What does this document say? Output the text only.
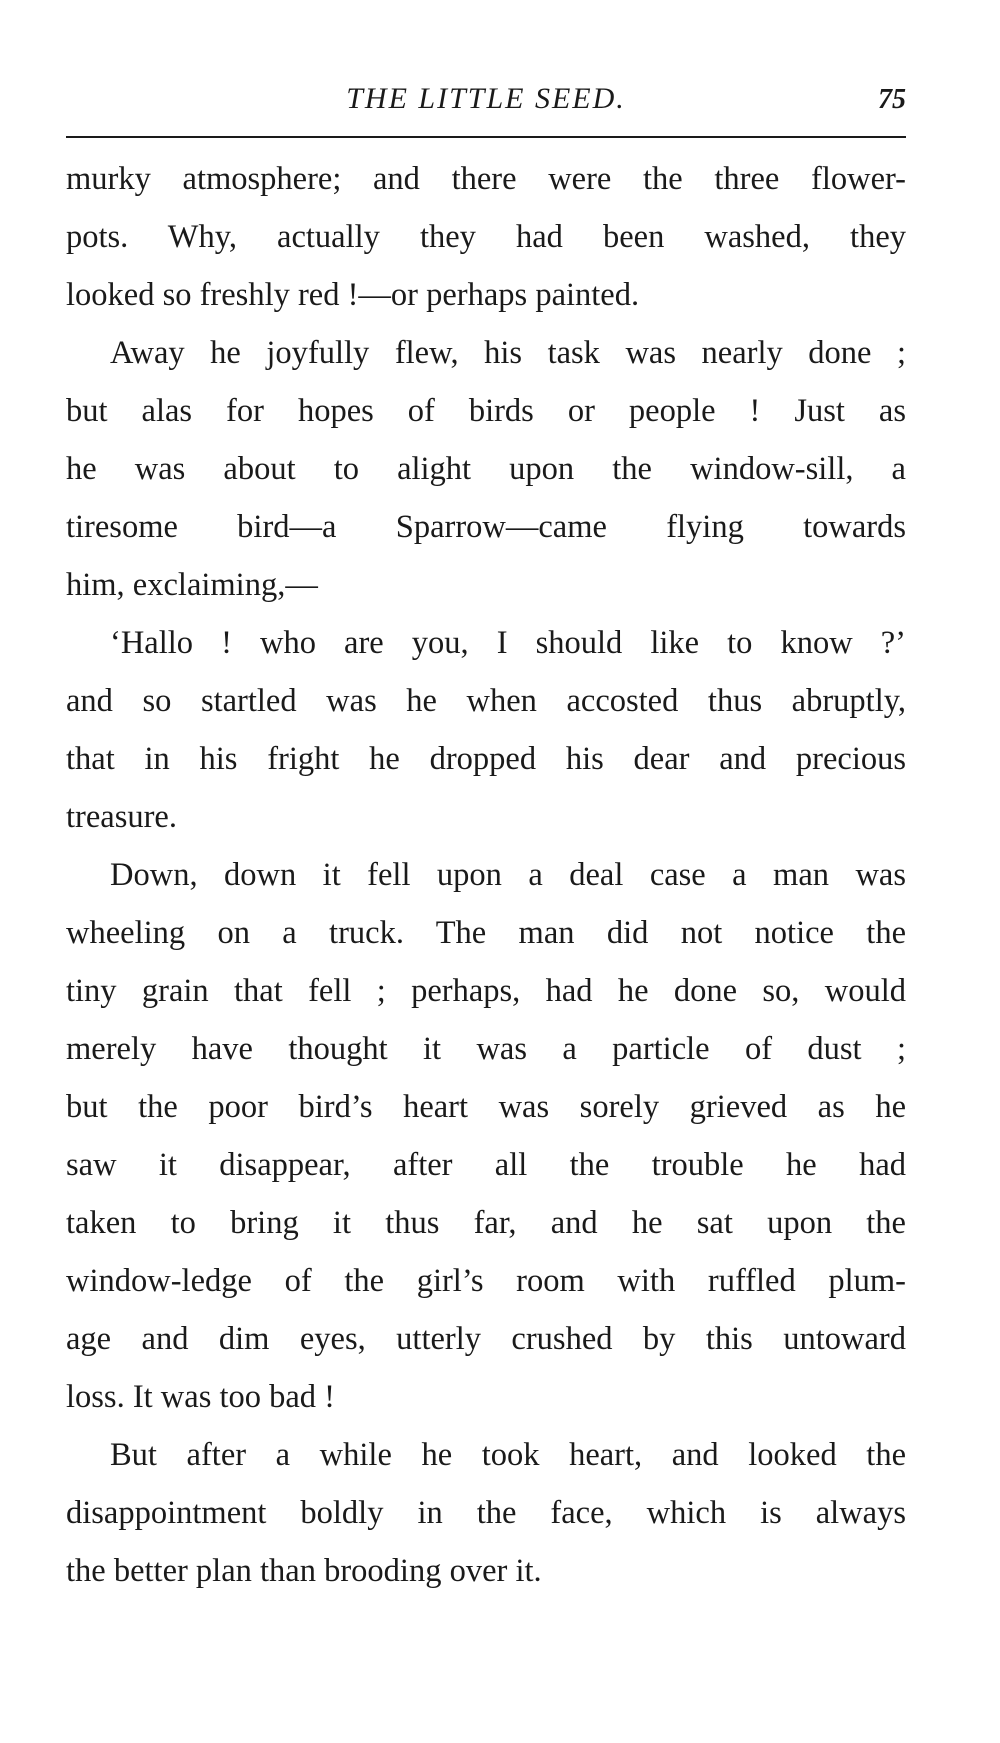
THE LITTLE SEED.	75

murky atmosphere; and there were the three flower-
pots. Why, actually they had been washed, they
looked so freshly red !—or perhaps painted.

Away he joyfully flew, his task was nearly done ;
but alas for hopes of birds or people ! Just as
he was about to alight upon the window-sill, a
tiresome bird—a Sparrow—came flying towards
him, exclaiming,—

‘Hallo ! who are you, I should like to know ?’
and so startled was he when accosted thus abruptly,
that in his fright he dropped his dear and precious
treasure.

Down, down it fell upon a deal case a man was
wheeling on a truck. The man did not notice the
tiny grain that fell ; perhaps, had he done so, would
merely have thought it was a particle of dust ;
but the poor bird’s heart was sorely grieved as he
saw it disappear, after all the trouble he had
taken to bring it thus far, and he sat upon the
window-ledge of the girl’s room with ruffled plum-
age and dim eyes, utterly crushed by this untoward
loss. It was too bad !

But after a while he took heart, and looked the
disappointment boldly in the face, which is always
the better plan than brooding over it.
